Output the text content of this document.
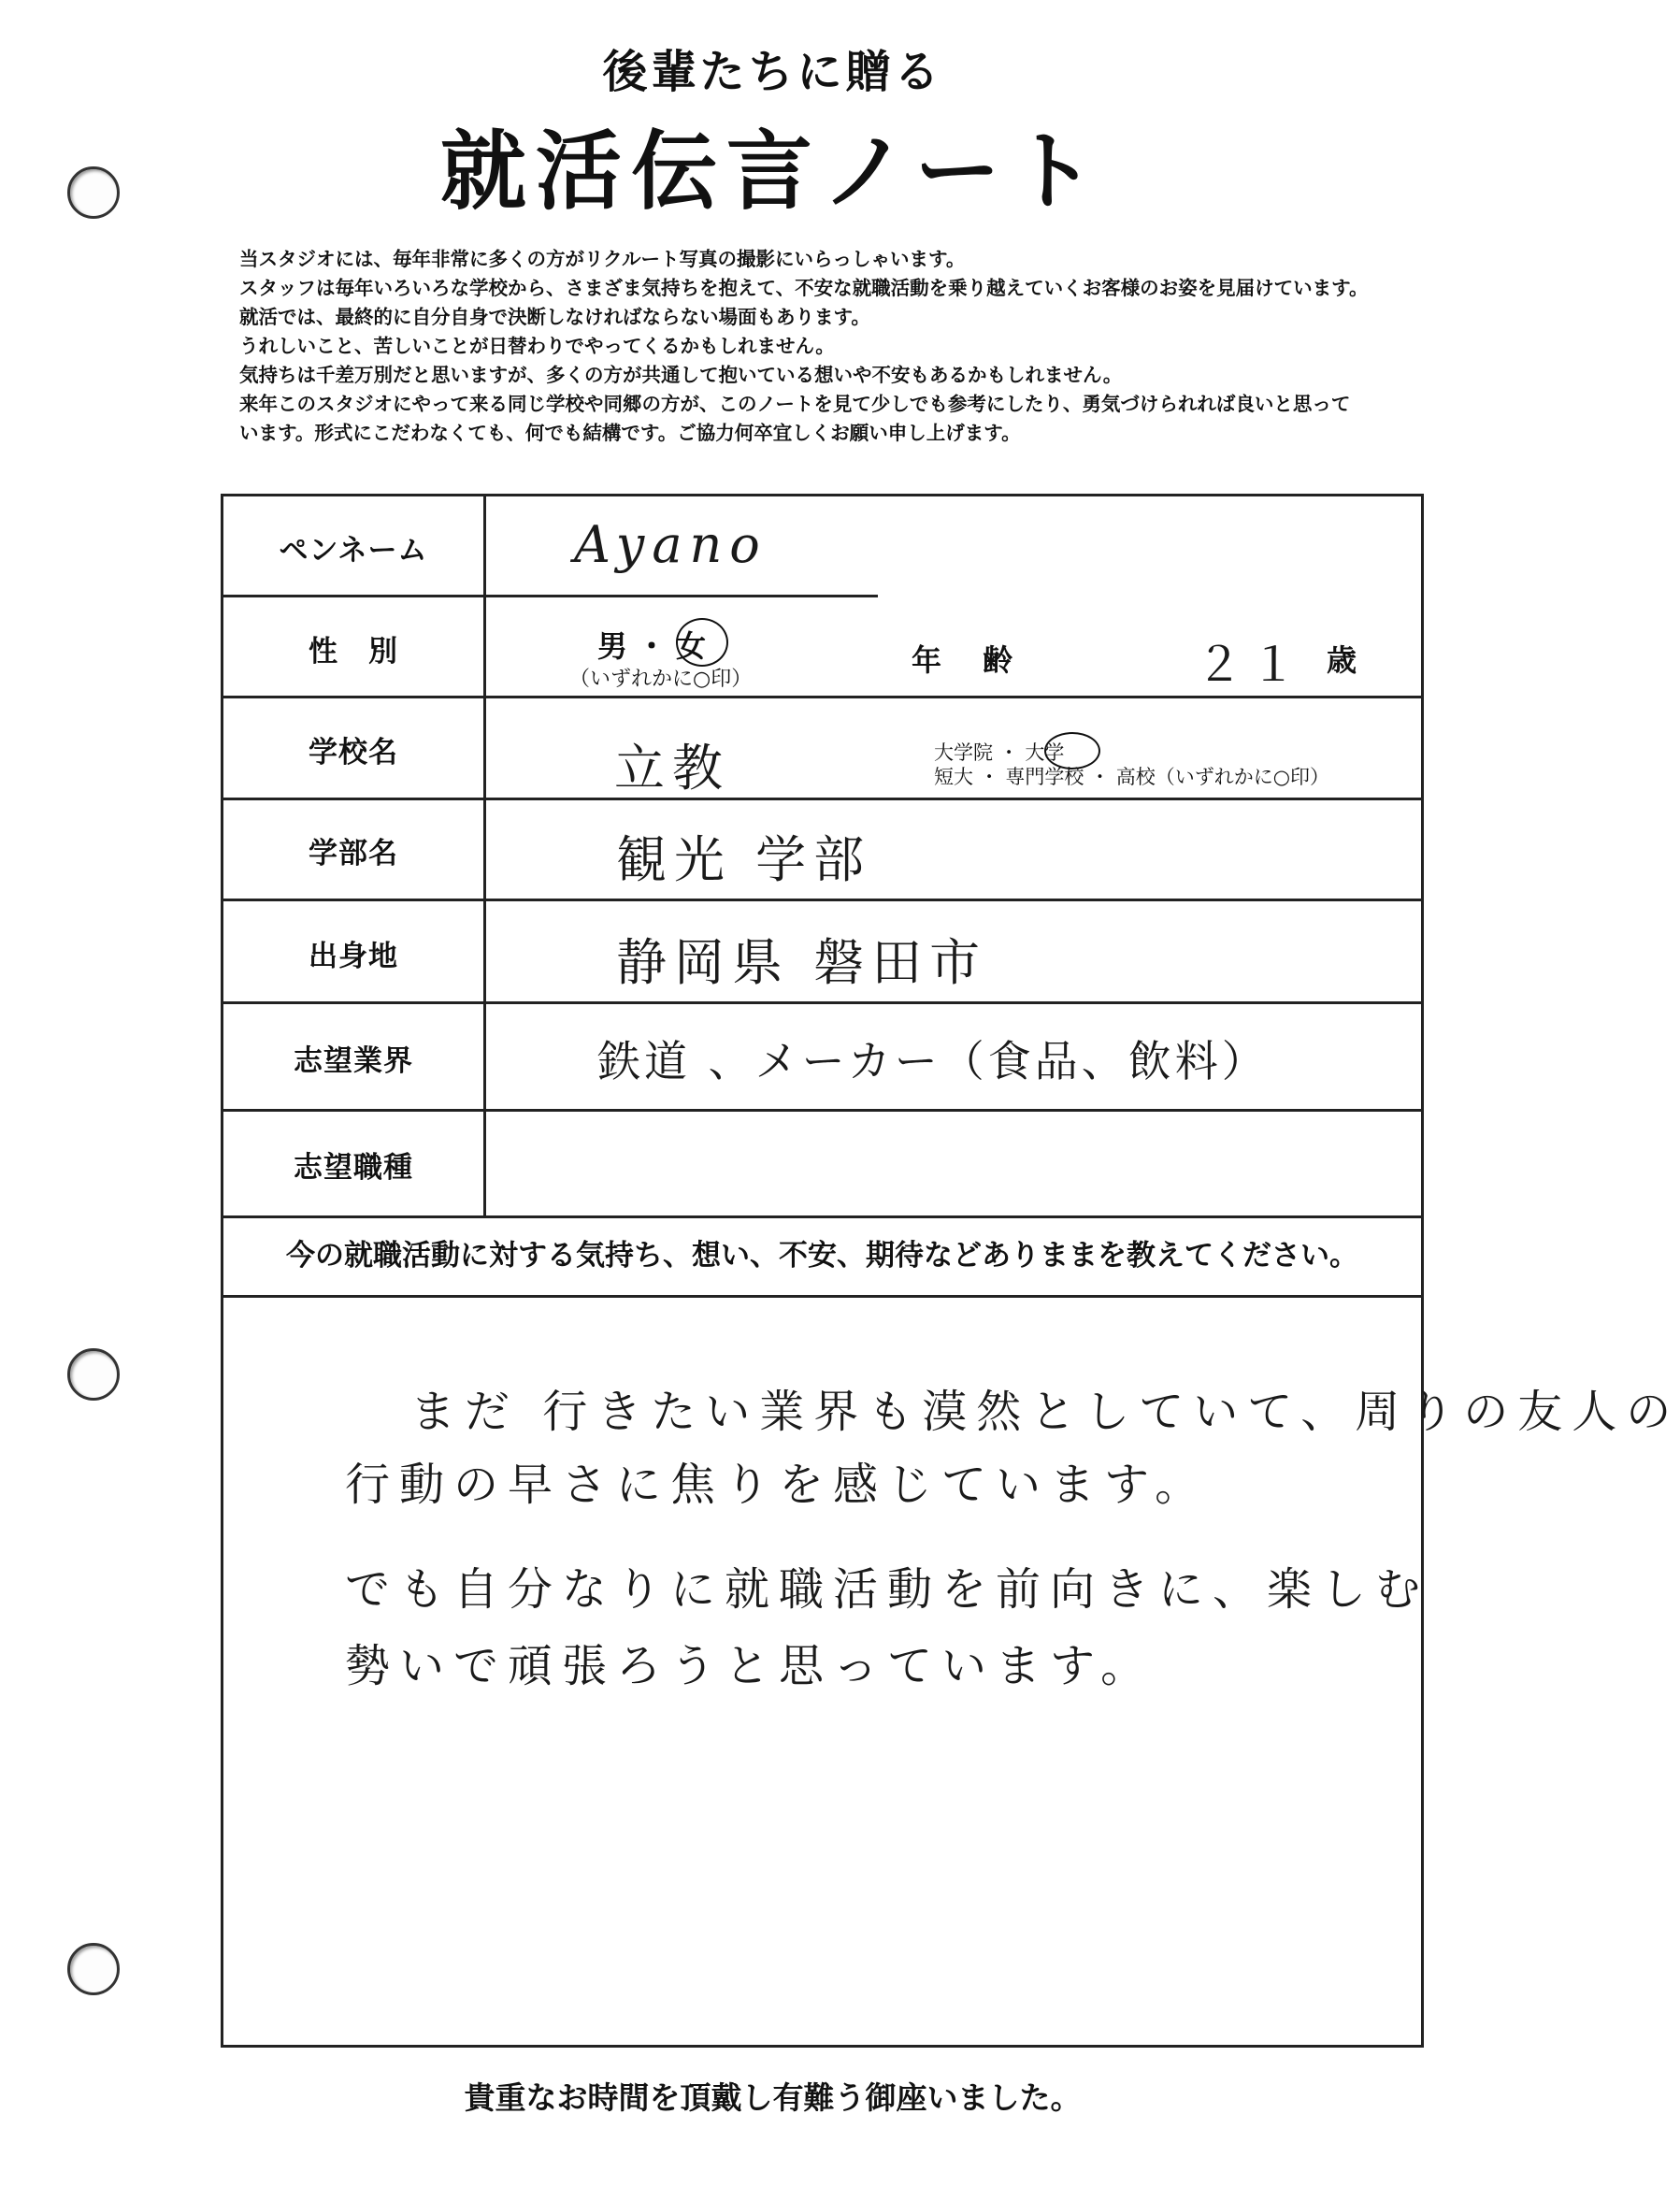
後輩たちに贈る
就活伝言ノート

当スタジオには、毎年非常に多くの方がリクルート写真の撮影にいらっしゃいます。

スタッフは毎年いろいろな学校から、さまざま気持ちを抱えて、不安な就職活動を乗り越えていくお客様のお姿を見届けています。

就活では、最終的に自分自身で決断しなければならない場面もあります。

うれしいこと、苦しいことが日替わりでやってくるかもしれません。

気持ちは千差万別だと思いますが、多くの方が共通して抱いている想いや不安もあるかもしれません。

来年このスタジオにやって来る同じ学校や同郷の方が、このノートを見て少しでも参考にしたり、勇気づけられれば良いと思って

います。形式にこだわなくても、何でも結構です。ご協力何卒宜しくお願い申し上げます。

ペンネーム
性　別
学校名
学部名
出身地
志望業界
志望職種
Ayano
男・女
（いずれかに○印）
年　齢	２１ 歳
立教	大学院 ・ 大学
短大 ・ 専門学校 ・ 高校（いずれかに○印）
観光 学部
静岡県 磐田市
鉄道 、メーカー（食品、飲料）
今の就職活動に対する気持ち、想い、不安、期待などありままを教えてください。
まだ 行きたい業界も漠然としていて、周りの友人の
行動の早さに焦りを感じています。
でも自分なりに就職活動を前向きに、楽しむ
勢いで頑張ろうと思っています。
貴重なお時間を頂戴し有難う御座いました。
